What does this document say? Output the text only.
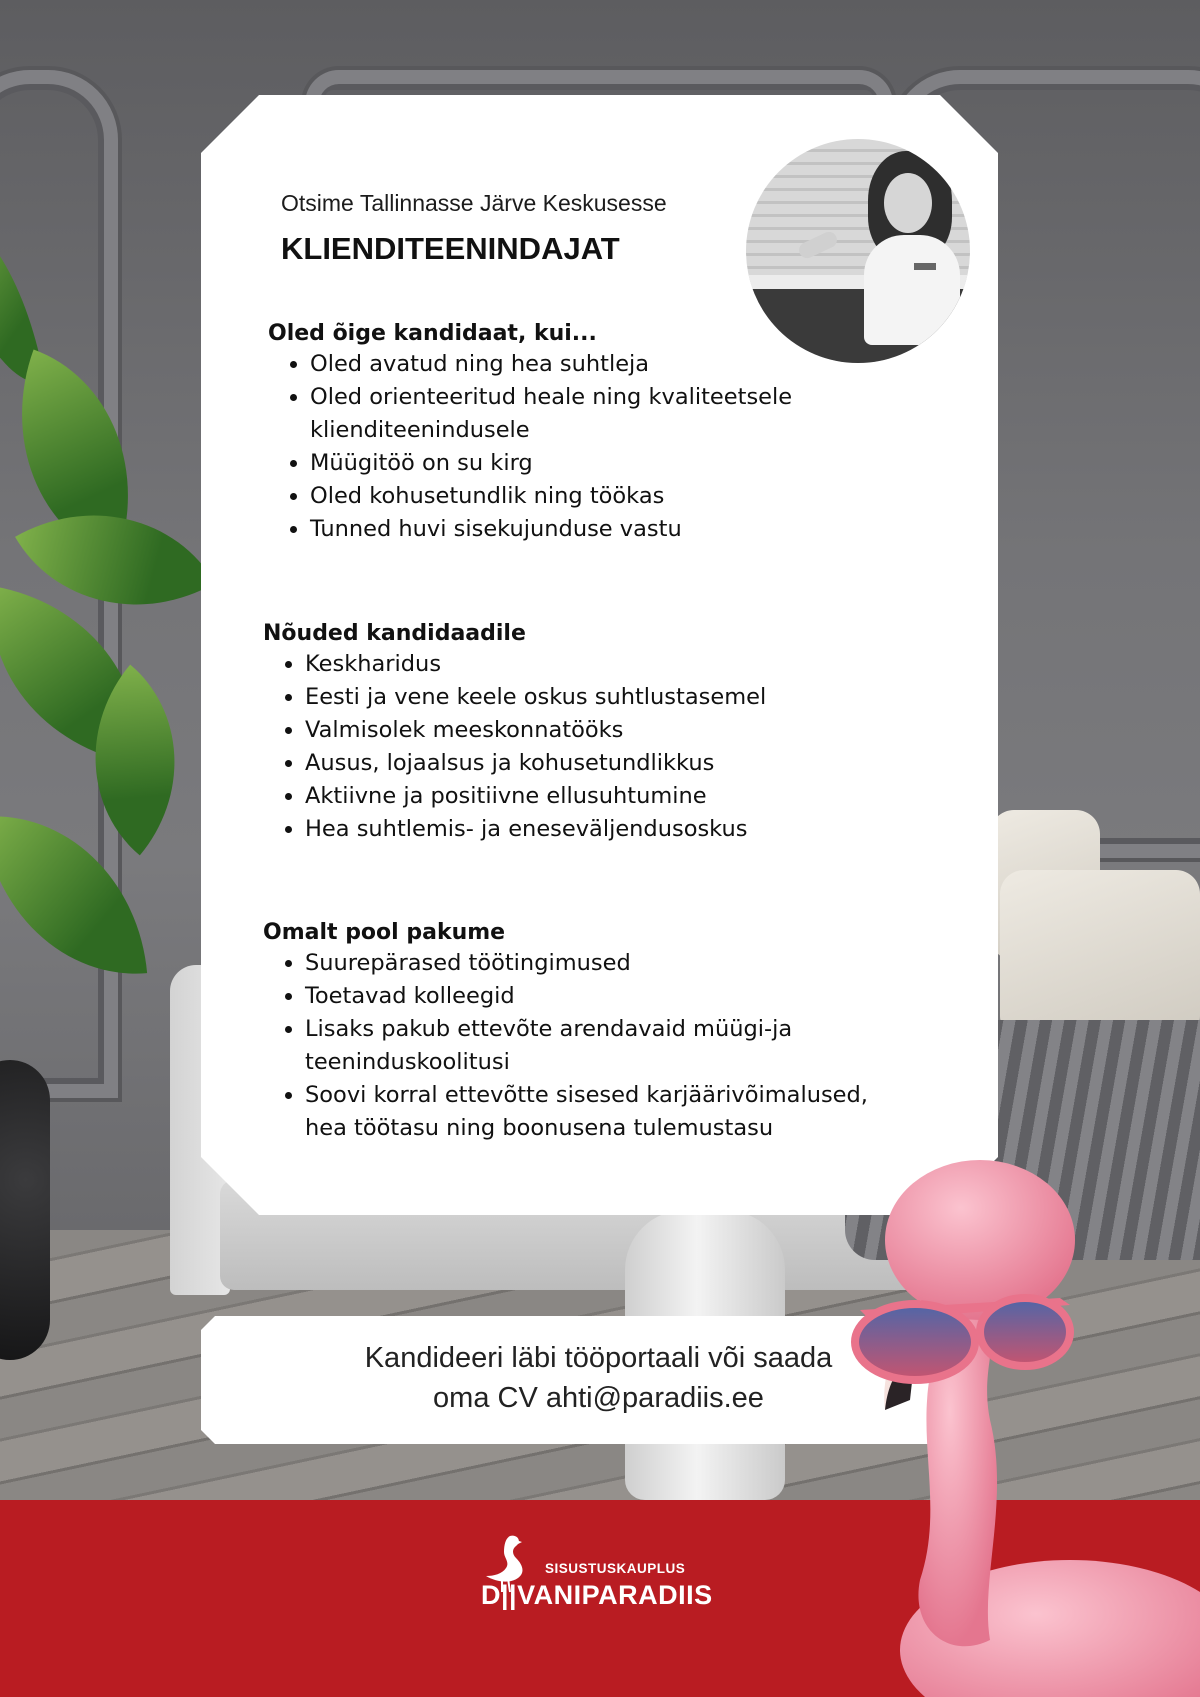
Otsime Tallinnasse Järve Keskusesse

KLIENDITEENINDAJAT
Oled õige kandidaat, kui...
• Oled avatud ning hea suhtleja
• Oled orienteeritud heale ning kvaliteetsele klienditeenindusele
• Müügitöö on su kirg
• Oled kohusetundlik ning töökas
• Tunned huvi sisekujunduse vastu
Nõuded kandidaadile
• Keskharidus
• Eesti ja vene keele oskus suhtlustasemel
• Valmisolek meeskonnatööks
• Ausus, lojaalsus ja kohusetundlikkus
• Aktiivne ja positiivne ellusuhtumine
• Hea suhtlemis- ja eneseväljendusoskus
Omalt pool pakume
• Suurepärased töötingimused
• Toetavad kolleegid
• Lisaks pakub ettevõte arendavaid müügi-ja teeninduskoolitusi
• Soovi korral ettevõtte sisesed karjäärivõimalused, hea töötasu ning boonusena tulemustasu

Kandideeri läbi tööportaali või saada
oma CV ahti@paradiis.ee

SISUSTUSKAUPLUS

D||VANIPARADIIS
